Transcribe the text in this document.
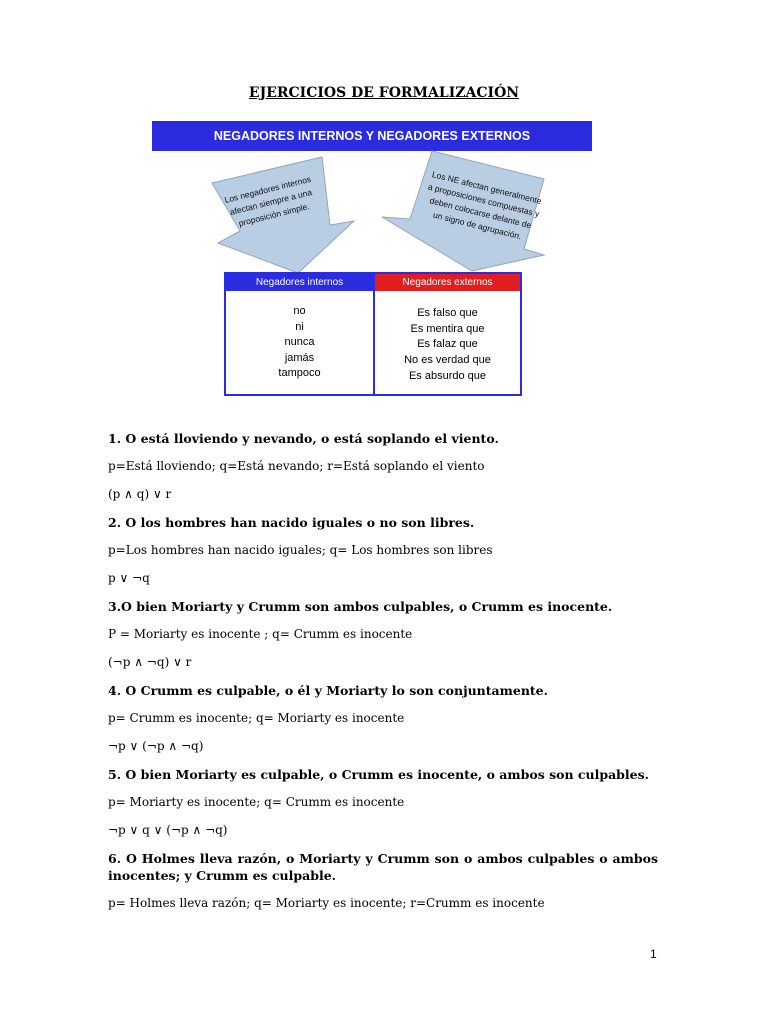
EJERCICIOS DE FORMALIZACIÓN
NEGADORES INTERNOS Y NEGADORES EXTERNOS
Los negadores internos afectan siempre a una proposición simple.
Los NE afectan generalmente a proposiciones compuestas y deben colocarse delante de un signo de agrupación.
Negadores internos
no
ni
nunca
jamás
tampoco
Negadores externos
Es falso que
Es mentira que
Es falaz que
No es verdad que
Es absurdo que

1. O está lloviendo y nevando, o está soplando el viento.

p=Está lloviendo; q=Está nevando; r=Está soplando el viento

(p ∧ q) ∨ r

2. O los hombres han nacido iguales o no son libres.

p=Los hombres han nacido iguales; q= Los hombres son libres

p ∨ ¬q

3.O bien Moriarty y Crumm son ambos culpables, o Crumm es inocente.

P = Moriarty es inocente ; q= Crumm es inocente

(¬p ∧ ¬q) ∨ r

4. O Crumm es culpable, o él y Moriarty lo son conjuntamente.

p= Crumm es inocente; q= Moriarty es inocente

¬p ∨ (¬p ∧ ¬q)

5. O bien Moriarty es culpable, o Crumm es inocente, o ambos son culpables.

p= Moriarty es inocente; q= Crumm es inocente

¬p ∨ q ∨ (¬p ∧ ¬q)

6. O Holmes lleva razón, o Moriarty y Crumm son o ambos culpables o ambos inocentes; y Crumm es culpable.

p= Holmes lleva razón; q= Moriarty es inocente; r=Crumm es inocente

1
